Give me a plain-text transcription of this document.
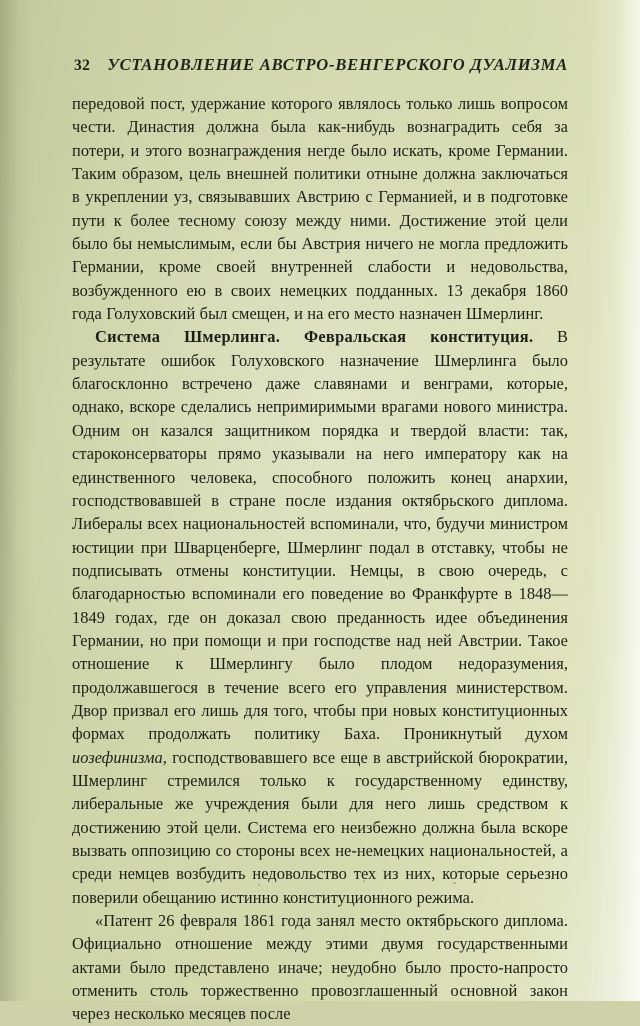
32 УСТАНОВЛЕНИЕ АВСТРО-ВЕНГЕРСКОГО ДУАЛИЗМА

передовой пост, удержание которого являлось только лишь вопросом чести. Династия должна была как-нибудь вознаградить себя за потери, и этого вознаграждения негде было искать, кроме Германии. Таким образом, цель внешней политики отныне должна заключаться в укреплении уз, связывавших Австрию с Германией, и в подготовке пути к более тесному союзу между ними. Достижение этой цели было бы немыслимым, если бы Австрия ничего не могла предложить Германии, кроме своей внутренней слабости и недовольства, возбужденного ею в своих немецких подданных. 13 декабря 1860 года Голуховский был смещен, и на его место назначен Шмерлинг.

Система Шмерлинга. Февральская конституция. В результате ошибок Голуховского назначение Шмерлинга было благосклонно встречено даже славянами и венграми, которые, однако, вскоре сделались непримиримыми врагами нового министра. Одним он казался защитником порядка и твердой власти: так, староконсерваторы прямо указывали на него императору как на единственного человека, способного положить конец анархии, господствовавшей в стране после издания октябрьского диплома. Либералы всех национальностей вспоминали, что, будучи министром юстиции при Шварценберге, Шмерлинг подал в отставку, чтобы не подписывать отмены конституции. Немцы, в свою очередь, с благодарностью вспоминали его поведение во Франкфурте в 1848—1849 годах, где он доказал свою преданность идее объединения Германии, но при помощи и при господстве над ней Австрии. Такое отношение к Шмерлингу было плодом недоразумения, продолжавшегося в течение всего его управления министерством. Двор призвал его лишь для того, чтобы при новых конституционных формах продолжать политику Баха. Проникнутый духом иозефинизма, господствовавшего все еще в австрийской бюрократии, Шмерлинг стремился только к государственному единству, либеральные же учреждения были для него лишь средством к достижению этой цели. Система его неизбежно должна была вскоре вызвать оппозицию со стороны всех не-немецких национальностей, а среди немцев возбудить недовольство тех из них, которые серьезно поверили обещанию истинно конституционного режима.

«Патент 26 февраля 1861 года занял место октябрьского диплома. Официально отношение между этими двумя государственными актами было представлено иначе; неудобно было просто-напросто отменить столь торжественно провозглашенный основной закон через несколько месяцев после
